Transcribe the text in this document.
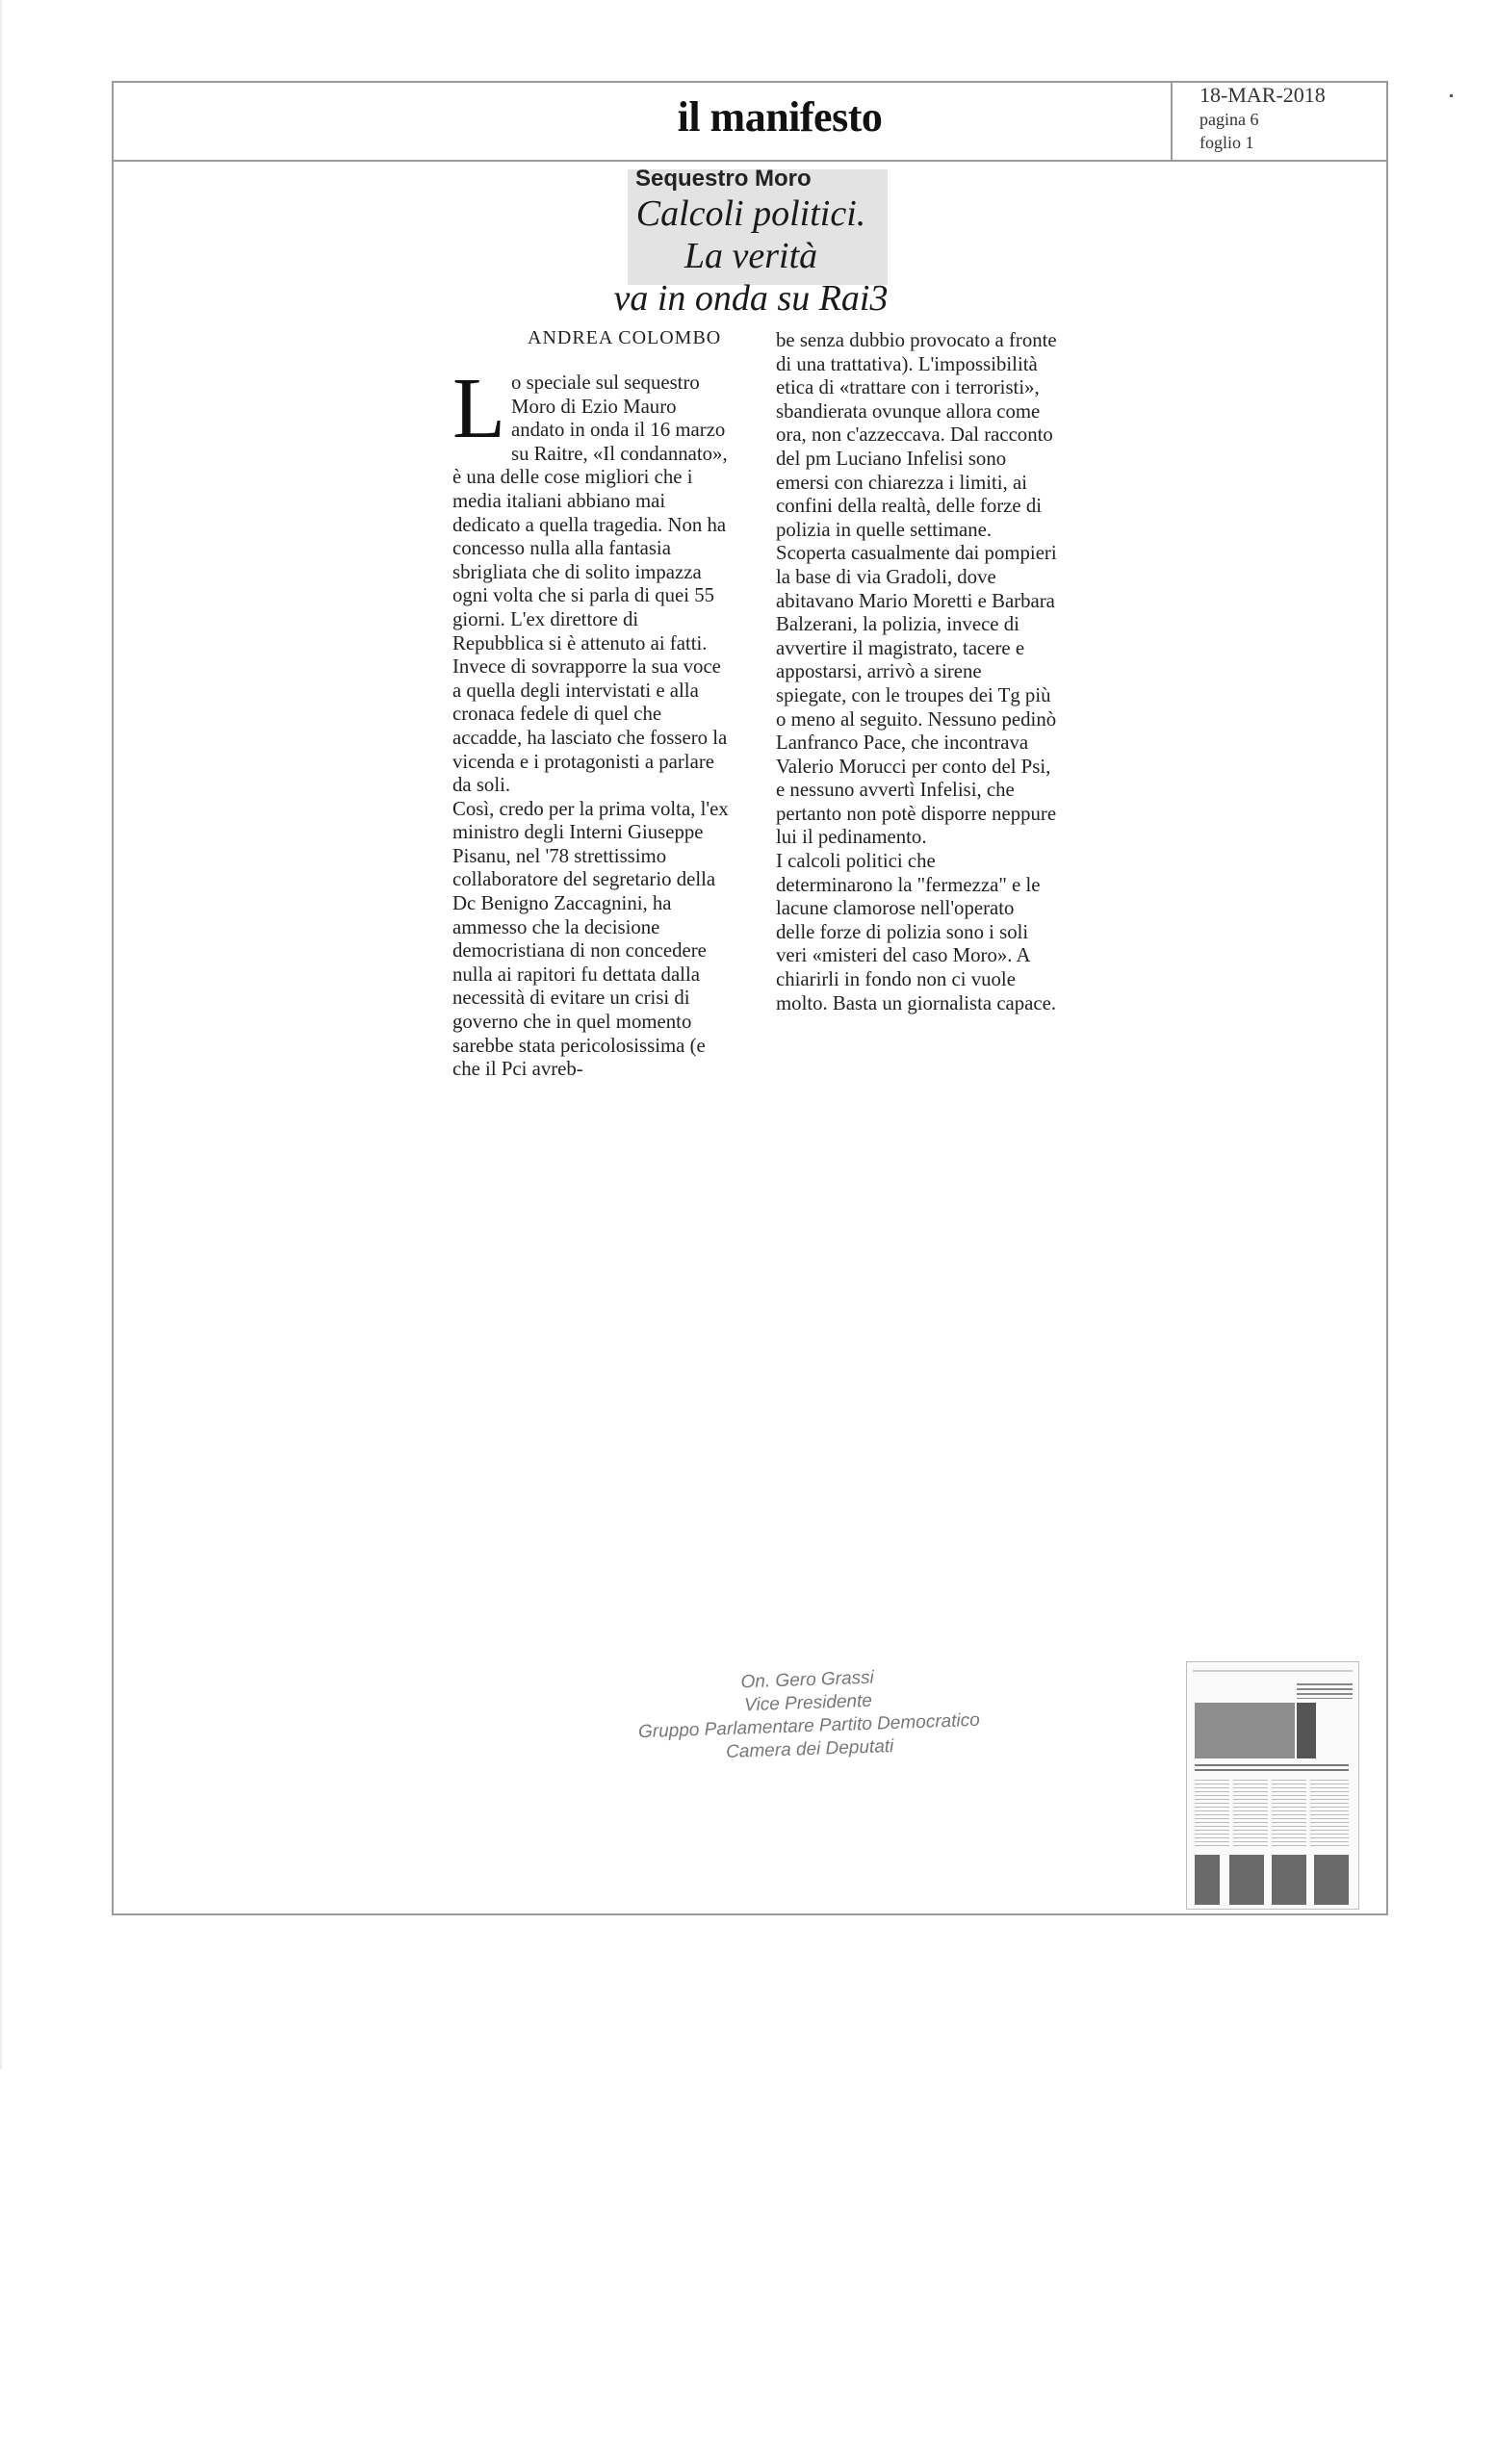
il manifesto	18-MAR-2018
pagina 6
foglio 1
Sequestro Moro
Calcoli politici.
La verità
va in onda su Rai3
ANDREA COLOMBO

Lo speciale sul sequestro Moro di Ezio Mauro andato in onda il 16 marzo su Raitre, «Il condannato», è una delle cose migliori che i media italiani abbiano mai dedicato a quella tragedia. Non ha concesso nulla alla fantasia sbrigliata che di solito impazza ogni volta che si parla di quei 55 giorni. L'ex direttore di Repubblica si è attenuto ai fatti. Invece di sovrapporre la sua voce a quella degli intervistati e alla cronaca fedele di quel che accadde, ha lasciato che fossero la vicenda e i protagonisti a parlare da soli.

Così, credo per la prima volta, l'ex ministro degli Interni Giuseppe Pisanu, nel '78 strettissimo collaboratore del segretario della Dc Benigno Zaccagnini, ha ammesso che la decisione democristiana di non concedere nulla ai rapitori fu dettata dalla necessità di evitare un crisi di governo che in quel momento sarebbe stata pericolosissima (e che il Pci avreb-

be senza dubbio provocato a fronte di una trattativa). L'impossibilità etica di «trattare con i terroristi», sbandierata ovunque allora come ora, non c'azzeccava. Dal racconto del pm Luciano Infelisi sono emersi con chiarezza i limiti, ai confini della realtà, delle forze di polizia in quelle settimane. Scoperta casualmente dai pompieri la base di via Gradoli, dove abitavano Mario Moretti e Barbara Balzerani, la polizia, invece di avvertire il magistrato, tacere e appostarsi, arrivò a sirene spiegate, con le troupes dei Tg più o meno al seguito. Nessuno pedinò Lanfranco Pace, che incontrava Valerio Morucci per conto del Psi, e nessuno avvertì Infelisi, che pertanto non potè disporre neppure lui il pedinamento.

I calcoli politici che determinarono la "fermezza" e le lacune clamorose nell'operato delle forze di polizia sono i soli veri «misteri del caso Moro». A chiarirli in fondo non ci vuole molto. Basta un giornalista capace.

On. Gero Grassi
Vice Presidente
Gruppo Parlamentare Partito Democratico
Camera dei Deputati
